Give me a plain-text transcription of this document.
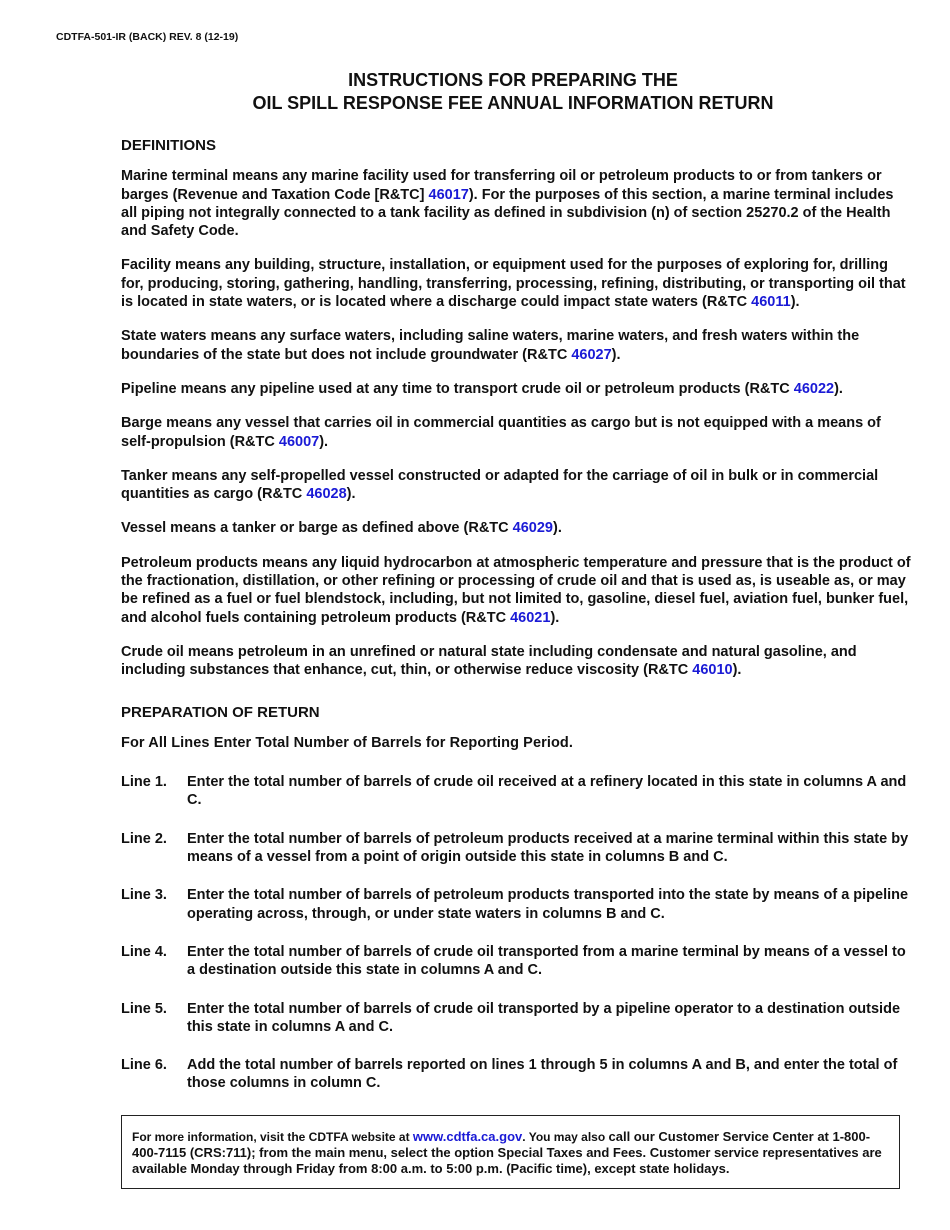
CDTFA-501-IR (BACK) REV. 8 (12-19)
INSTRUCTIONS FOR PREPARING THE
OIL SPILL RESPONSE FEE ANNUAL INFORMATION RETURN
DEFINITIONS
Marine terminal means any marine facility used for transferring oil or petroleum products to or from tankers or barges (Revenue and Taxation Code [R&TC] 46017). For the purposes of this section, a marine terminal includes all piping not integrally connected to a tank facility as defined in subdivision (n) of section 25270.2 of the Health and Safety Code.
Facility means any building, structure, installation, or equipment used for the purposes of exploring for, drilling for, producing, storing, gathering, handling, transferring, processing, refining, distributing, or transporting oil that is located in state waters, or is located where a discharge could impact state waters (R&TC 46011).
State waters means any surface waters, including saline waters, marine waters, and fresh waters within the boundaries of the state but does not include groundwater (R&TC 46027).
Pipeline means any pipeline used at any time to transport crude oil or petroleum products (R&TC 46022).
Barge means any vessel that carries oil in commercial quantities as cargo but is not equipped with a means of self-propulsion (R&TC 46007).
Tanker means any self-propelled vessel constructed or adapted for the carriage of oil in bulk or in commercial quantities as cargo (R&TC 46028).
Vessel means a tanker or barge as defined above (R&TC 46029).
Petroleum products means any liquid hydrocarbon at atmospheric temperature and pressure that is the product of the fractionation, distillation, or other refining or processing of crude oil and that is used as, is useable as, or may be refined as a fuel or fuel blendstock, including, but not limited to, gasoline, diesel fuel, aviation fuel, bunker fuel, and alcohol fuels containing petroleum products (R&TC 46021).
Crude oil means petroleum in an unrefined or natural state including condensate and natural gasoline, and including substances that enhance, cut, thin, or otherwise reduce viscosity (R&TC 46010).
PREPARATION OF RETURN
For All Lines Enter Total Number of Barrels for Reporting Period.
Line 1.	Enter the total number of barrels of crude oil received at a refinery located in this state in columns A and C.
Line 2.	Enter the total number of barrels of petroleum products received at a marine terminal within this state by means of a vessel from a point of origin outside this state in columns B and C.
Line 3.	Enter the total number of barrels of petroleum products transported into the state by means of a pipeline operating across, through, or under state waters in columns B and C.
Line 4.	Enter the total number of barrels of crude oil transported from a marine terminal by means of a vessel to a destination outside this state in columns A and C.
Line 5.	Enter the total number of barrels of crude oil transported by a pipeline operator to a destination outside this state in columns A and C.
Line 6.	Add the total number of barrels reported on lines 1 through 5 in columns A and B, and enter the total of those columns in column C.
For more information, visit the CDTFA website at www.cdtfa.ca.gov. You may also call our Customer Service Center at 1-800-400-7115 (CRS:711); from the main menu, select the option Special Taxes and Fees. Customer service representatives are available Monday through Friday from 8:00 a.m. to 5:00 p.m. (Pacific time), except state holidays.
